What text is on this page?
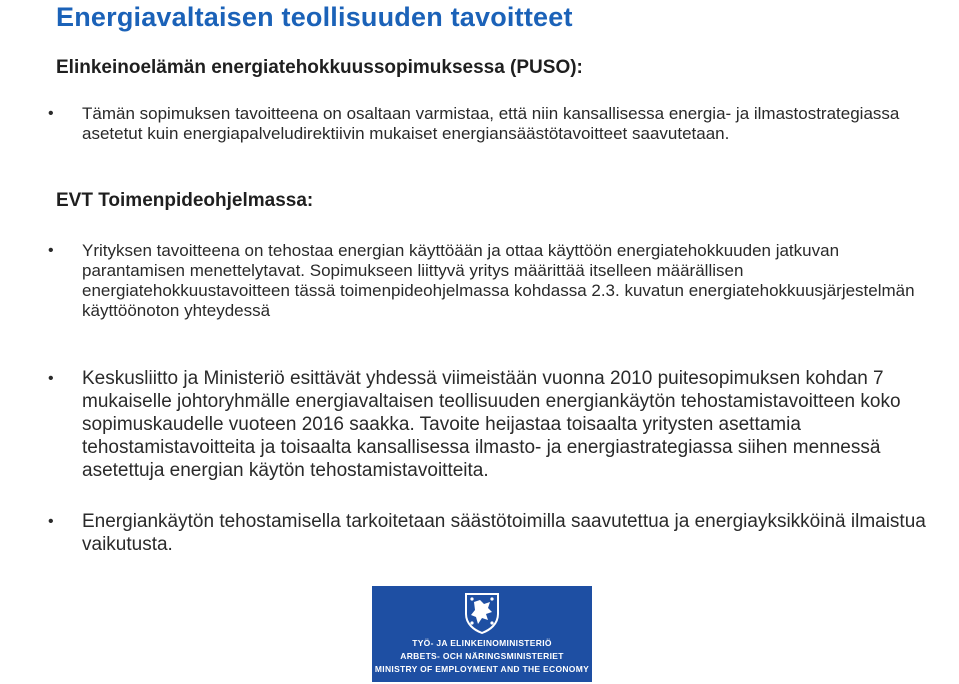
Energiavaltaisen teollisuuden tavoitteet
Elinkeinoelämän energiatehokkuussopimuksessa (PUSO):
• Tämän sopimuksen tavoitteena on osaltaan varmistaa, että niin kansallisessa energia- ja ilmastostrategiassa asetetut kuin energiapalveludirektiivin mukaiset energiansäästötavoitteet saavutetaan.
EVT Toimenpideohjelmassa:
• Yrityksen tavoitteena on tehostaa energian käyttöään ja ottaa käyttöön energiatehokkuuden jatkuvan parantamisen menettelytavat. Sopimukseen liittyvä yritys määrittää itselleen määrällisen energiatehokkuustavoitteen tässä toimenpideohjelmassa kohdassa 2.3. kuvatun energiatehokkuusjärjestelmän käyttöönoton yhteydessä
• Keskusliitto ja Ministeriö esittävät yhdessä viimeistään vuonna 2010 puitesopimuksen kohdan 7 mukaiselle johtoryhmälle energiavaltaisen teollisuuden energiankäytön tehostamistavoitteen koko sopimuskaudelle vuoteen 2016 saakka. Tavoite heijastaa toisaalta yritysten asettamia tehostamistavoitteita ja toisaalta kansallisessa ilmasto- ja energiastrategiassa siihen mennessä asetettuja energian käytön tehostamistavoitteita.
• Energiankäytön tehostamisella tarkoitetaan säästötoimilla saavutettua ja energiayksikköinä ilmaistua vaikutusta.
TYÖ- JA ELINKEINOMINISTERIÖ
ARBETS- OCH NÄRINGSMINISTERIET
MINISTRY OF EMPLOYMENT AND THE ECONOMY
